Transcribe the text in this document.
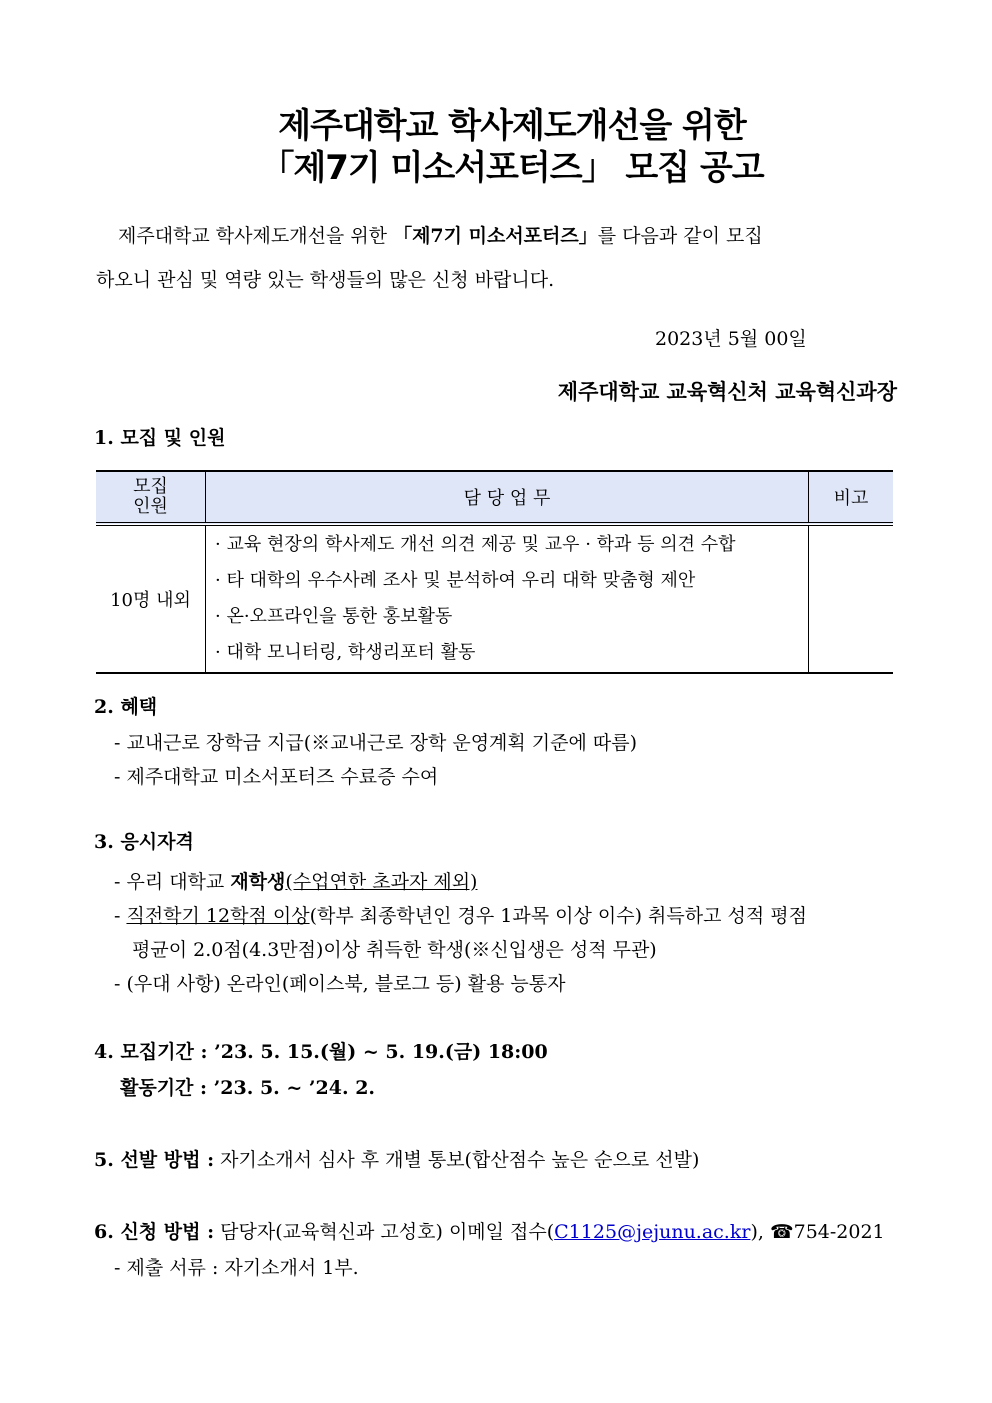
제주대학교 학사제도개선을 위한
「제7기 미소서포터즈」 모집 공고
제주대학교 학사제도개선을 위한 「제7기 미소서포터즈」를 다음과 같이 모집
하오니 관심 및 역량 있는 학생들의 많은 신청 바랍니다.
2023년 5월 00일
제주대학교 교육혁신처 교육혁신과장
1. 모집 및 인원
모집
인원	담 당 업 무	비고
10명 내외	· 교육 현장의 학사제도 개선 의견 제공 및 교우 · 학과 등 의견 수합
· 타 대학의 우수사례 조사 및 분석하여 우리 대학 맞춤형 제안
· 온·오프라인을 통한 홍보활동
· 대학 모니터링, 학생리포터 활동	

2. 혜택
- 교내근로 장학금 지급(※교내근로 장학 운영계획 기준에 따름)
- 제주대학교 미소서포터즈 수료증 수여
3. 응시자격
- 우리 대학교 재학생(수업연한 초과자 제외)
- 직전학기 12학점 이상(학부 최종학년인 경우 1과목 이상 이수) 취득하고 성적 평점
평균이 2.0점(4.3만점)이상 취득한 학생(※신입생은 성적 무관)
- (우대 사항) 온라인(페이스북, 블로그 등) 활용 능통자
4. 모집기간 : ’23. 5. 15.(월) ~ 5. 19.(금) 18:00
활동기간 : ’23. 5. ~ ’24. 2.
5. 선발 방법 : 자기소개서 심사 후 개별 통보(합산점수 높은 순으로 선발)
6. 신청 방법 : 담당자(교육혁신과 고성호) 이메일 접수(C1125@jejunu.ac.kr), ☎754-2021
- 제출 서류 : 자기소개서 1부.
